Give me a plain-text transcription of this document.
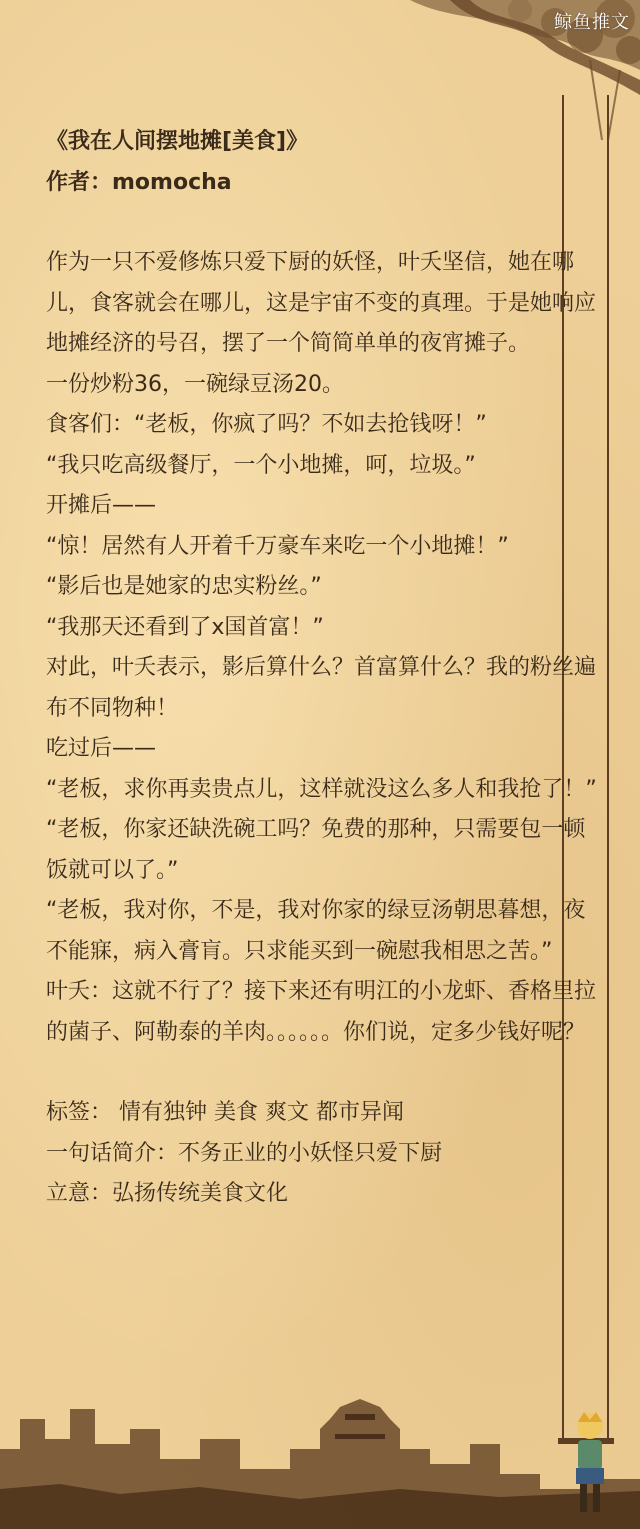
鲸鱼推文
《我在人间摆地摊[美食]》
作者：momocha

作为一只不爱修炼只爱下厨的妖怪，叶夭坚信，她在哪儿，食客就会在哪儿，这是宇宙不变的真理。于是她响应地摊经济的号召，摆了一个简简单单的夜宵摊子。

一份炒粉36，一碗绿豆汤20。

食客们：“老板，你疯了吗？不如去抢钱呀！”

“我只吃高级餐厅，一个小地摊，呵，垃圾。”

开摊后——

“惊！居然有人开着千万豪车来吃一个小地摊！”

“影后也是她家的忠实粉丝。”

“我那天还看到了x国首富！”

对此，叶夭表示，影后算什么？首富算什么？我的粉丝遍布不同物种！

吃过后——

“老板，求你再卖贵点儿，这样就没这么多人和我抢了！”

“老板，你家还缺洗碗工吗？免费的那种，只需要包一顿饭就可以了。”

“老板，我对你，不是，我对你家的绿豆汤朝思暮想，夜不能寐，病入膏肓。只求能买到一碗慰我相思之苦。”

叶夭：这就不行了？接下来还有明江的小龙虾、香格里拉的菌子、阿勒泰的羊肉。。。。。。你们说，定多少钱好呢？

标签： 情有独钟 美食 爽文 都市异闻

一句话简介：不务正业的小妖怪只爱下厨

立意：弘扬传统美食文化
